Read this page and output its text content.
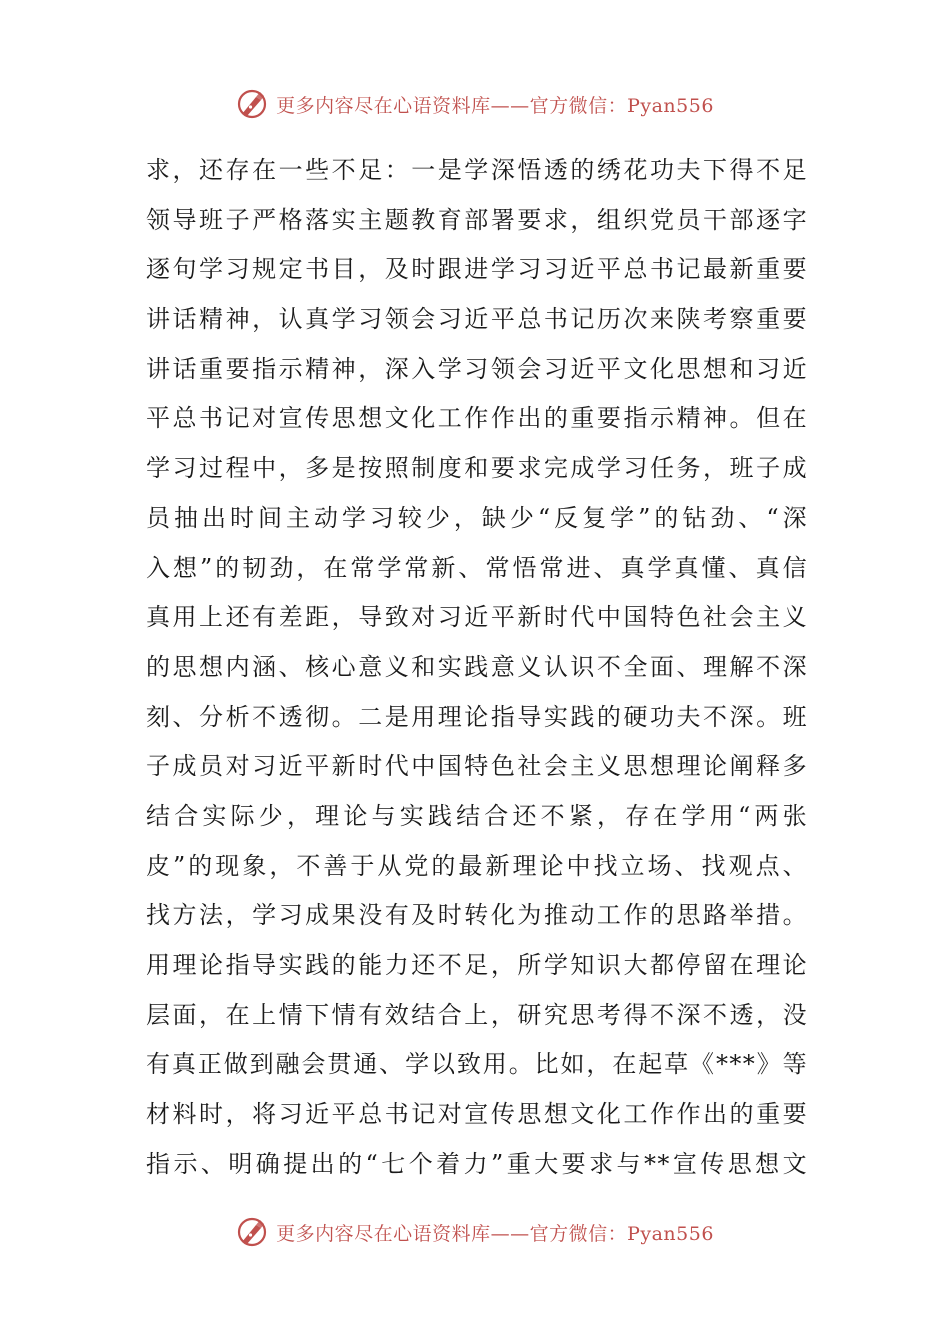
更多内容尽在心语资料库——官方微信：Pyan556
求，还存在一些不足：一是学深悟透的绣花功夫下得不足
领导班子严格落实主题教育部署要求，组织党员干部逐字
逐句学习规定书目，及时跟进学习习近平总书记最新重要
讲话精神，认真学习领会习近平总书记历次来陕考察重要
讲话重要指示精神，深入学习领会习近平文化思想和习近
平总书记对宣传思想文化工作作出的重要指示精神。但在
学习过程中，多是按照制度和要求完成学习任务，班子成
员抽出时间主动学习较少，缺少“反复学”的钻劲、“深
入想”的韧劲，在常学常新、常悟常进、真学真懂、真信
真用上还有差距，导致对习近平新时代中国特色社会主义
的思想内涵、核心意义和实践意义认识不全面、理解不深
刻、分析不透彻。二是用理论指导实践的硬功夫不深。班
子成员对习近平新时代中国特色社会主义思想理论阐释多
结合实际少，理论与实践结合还不紧，存在学用“两张
皮”的现象，不善于从党的最新理论中找立场、找观点、
找方法，学习成果没有及时转化为推动工作的思路举措。
用理论指导实践的能力还不足，所学知识大都停留在理论
层面，在上情下情有效结合上，研究思考得不深不透，没
有真正做到融会贯通、学以致用。比如，在起草《***》等
材料时，将习近平总书记对宣传思想文化工作作出的重要
指示、明确提出的“七个着力”重大要求与**宣传思想文
更多内容尽在心语资料库——官方微信：Pyan556
